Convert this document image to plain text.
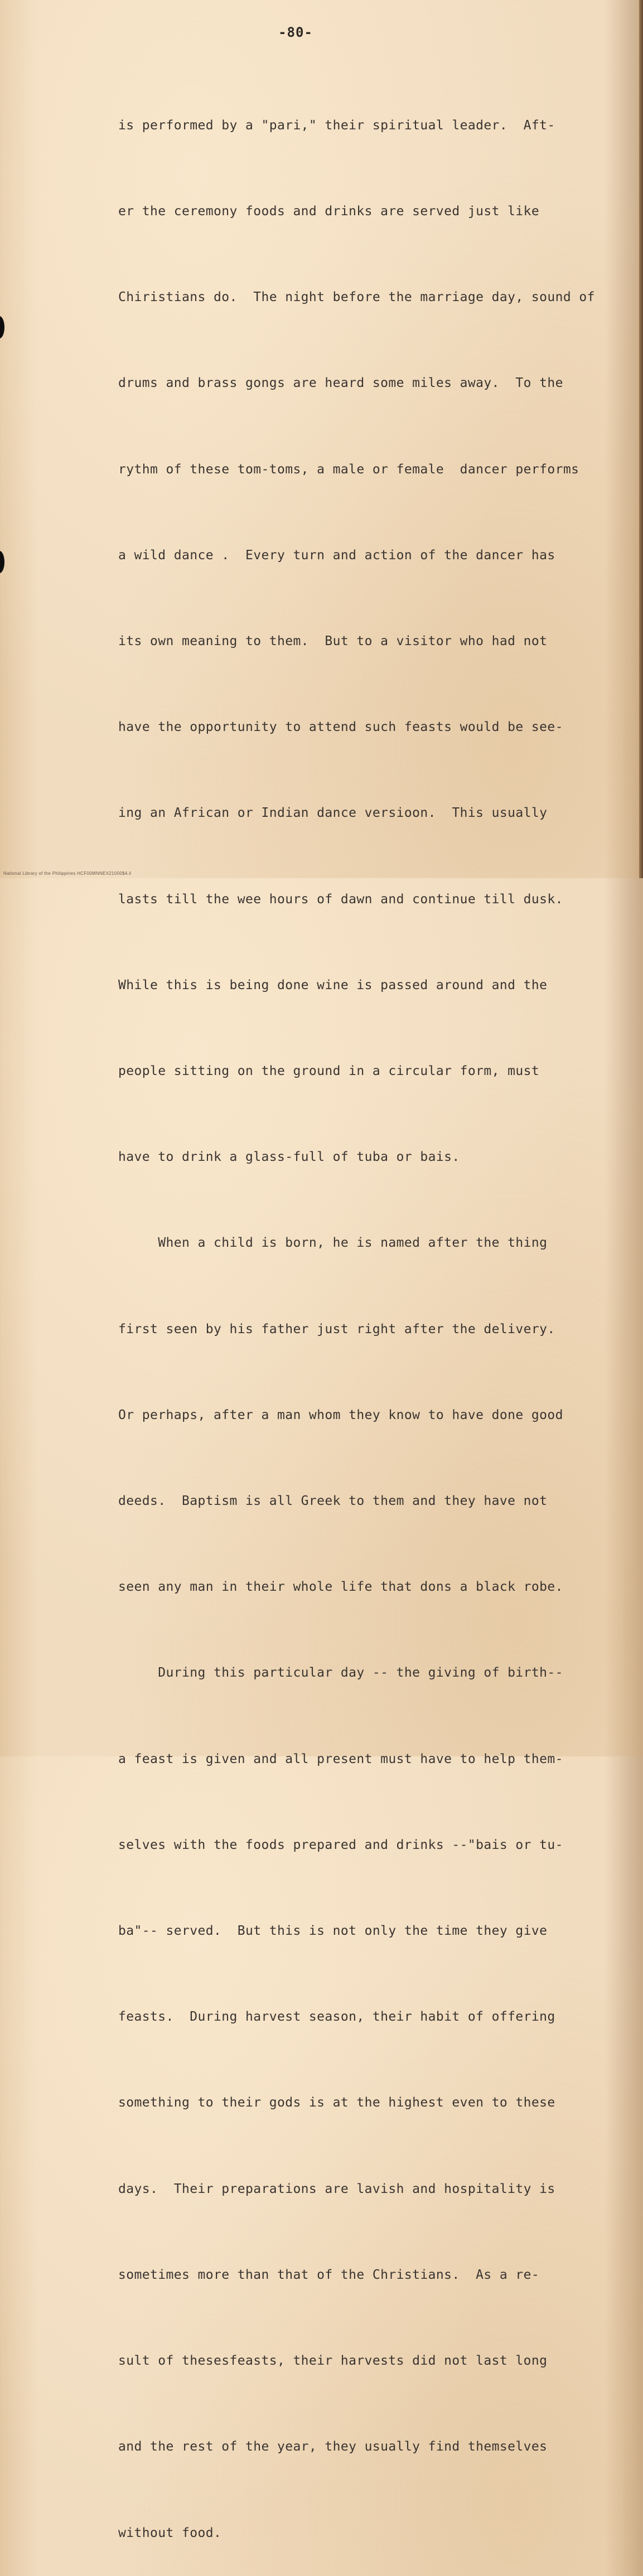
-80-

is performed by a "pari," their spiritual leader.  Aft-

er the ceremony foods and drinks are served just like

Chiristians do.  The night before the marriage day, sound of

drums and brass gongs are heard some miles away.  To the

rythm of these tom-toms, a male or female  dancer performs

a wild dance .  Every turn and action of the dancer has

its own meaning to them.  But to a visitor who had not

have the opportunity to attend such feasts would be see-

ing an African or Indian dance versioon.  This usually

lasts till the wee hours of dawn and continue till dusk.

While this is being done wine is passed around and the

people sitting on the ground in a circular form, must

have to drink a glass-full of tuba or bais.

When a child is born, he is named after the thing

first seen by his father just right after the delivery.

Or perhaps, after a man whom they know to have done good

deeds.  Baptism is all Greek to them and they have not

seen any man in their whole life that dons a black robe.

During this particular day -- the giving of birth--

a feast is given and all present must have to help them-

selves with the foods prepared and drinks --"bais or tu-

ba"-- served.  But this is not only the time they give

feasts.  During harvest season, their habit of offering

something to their gods is at the highest even to these

days.  Their preparations are lavish and hospitality is

sometimes more than that of the Christians.  As a re-

sult of thesesfeasts, their harvests did not last long

and the rest of the year, they usually find themselves

without food.

National Library of the Philippines HCF00MNNEX21000$4.il
